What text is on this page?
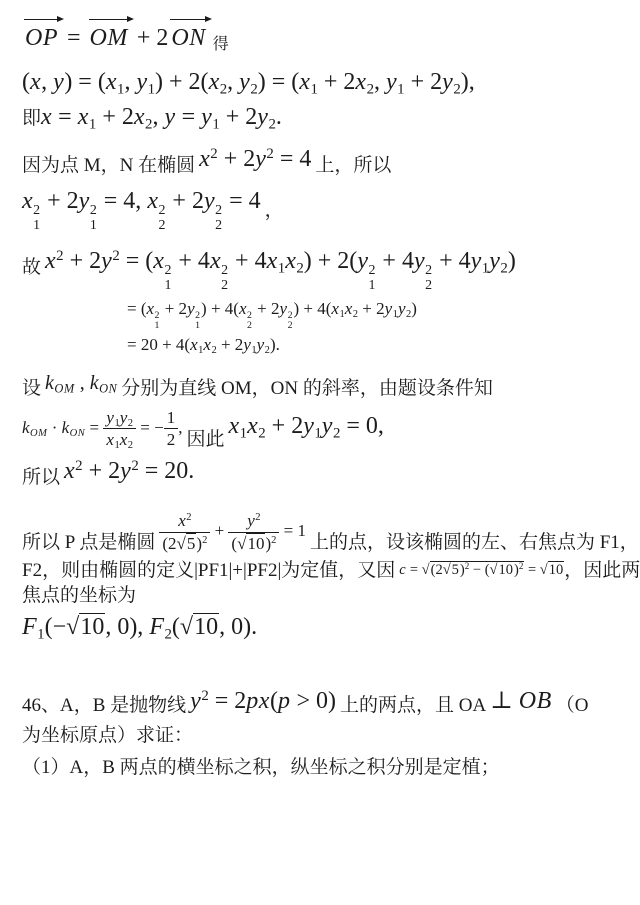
OP = OM + 2 ON 得
(x, $y) = (x_1$, $y_1) + 2(x_2$, $y_2) = (x_1 + 2x_2$, $y_1 + 2y_2$),
即$x = x_1 + 2x_2$, $y = y_1 + 2y_2$.
因为点 M，N 在椭圆 $x^2 + 2y^2 = 4$ 上，所以
x 2
1
+ 2y 2
1
= 4, x 2
2
+ 2y 2
2
= 4 ，
故 $x^2 + 2y^2 = (x$ 2
1
+ 4x 2
2
+ $4x_1x_2) + 2(y$ 2
1
+ 4y 2
2
+ $4y_1y_2$)
= (x 2
1
+ 2y 2
1
) + 4(x 2
2
+ 2y 2
2
) + $4(x_1x_2 + 2y_1y_2)$
= $20 + 4(x_1x_2 + 2y_1y_2)$.
设 $k_{OM}$ , $k_{ON}$ 分别为直线 OM，ON 的斜率，由题设条件知
$k_{OM} \cdot k_{ON} = \frac{y_1y_2}{x_1x_2}$ = − $\frac{1}{2}$ , 因此 $x_1x_2 + 2y_1y_2 = 0$,
所以 $x^2 + 2y^2 = 20$.
所以 P 点是椭圆 $\frac{x^2}{(2√5)^2} + \frac{y^2}{(√10)^2} = 1$ 上的点，设该椭圆的左、右焦点为 F1，
F2，则由椭圆的定义|PF1|+|PF2|为定值，又因 $c = √(2√5)^2 - (√10)^2 = √10$，因此两
焦点的坐标为
$F_1(-√10$, 0), $F_2(√10$, 0).
46、A，B 是抛物线 $y^2 = 2px(p > 0)$ 上的两点，且 OA ⊥ OB （O
为坐标原点）求证：
（1）A，B 两点的横坐标之积，纵坐标之积分别是定植；
